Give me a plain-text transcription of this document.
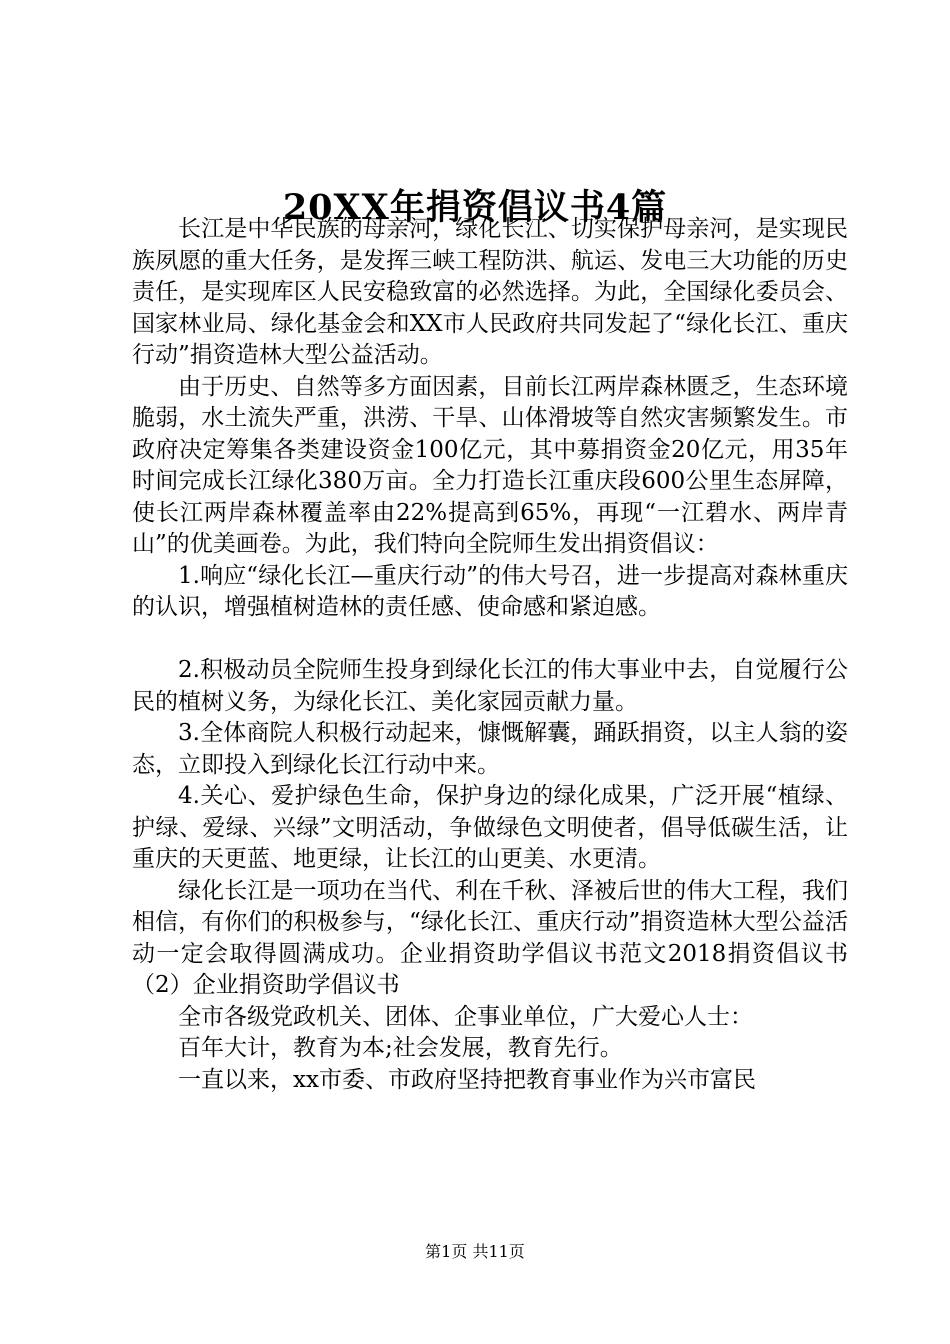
20XX年捐资倡议书4篇

长江是中华民族的母亲河，绿化长江、切实保护母亲河，是实现民族夙愿的重大任务，是发挥三峡工程防洪、航运、发电三大功能的历史责任，是实现库区人民安稳致富的必然选择。为此，全国绿化委员会、国家林业局、绿化基金会和XX市人民政府共同发起了“绿化长江、重庆行动”捐资造林大型公益活动。

由于历史、自然等多方面因素，目前长江两岸森林匮乏，生态环境脆弱，水土流失严重，洪涝、干旱、山体滑坡等自然灾害频繁发生。市政府决定筹集各类建设资金100亿元，其中募捐资金20亿元，用35年时间完成长江绿化380万亩。全力打造长江重庆段600公里生态屏障，使长江两岸森林覆盖率由22%提高到65%，再现“一江碧水、两岸青山”的优美画卷。为此，我们特向全院师生发出捐资倡议：

1.响应“绿化长江—重庆行动”的伟大号召，进一步提高对森林重庆的认识，增强植树造林的责任感、使命感和紧迫感。

2.积极动员全院师生投身到绿化长江的伟大事业中去，自觉履行公民的植树义务，为绿化长江、美化家园贡献力量。

3.全体商院人积极行动起来，慷慨解囊，踊跃捐资，以主人翁的姿态，立即投入到绿化长江行动中来。

4.关心、爱护绿色生命，保护身边的绿化成果，广泛开展“植绿、护绿、爱绿、兴绿”文明活动，争做绿色文明使者，倡导低碳生活，让重庆的天更蓝、地更绿，让长江的山更美、水更清。

绿化长江是一项功在当代、利在千秋、泽被后世的伟大工程，我们相信，有你们的积极参与，“绿化长江、重庆行动”捐资造林大型公益活动一定会取得圆满成功。企业捐资助学倡议书范文2018捐资倡议书（2）企业捐资助学倡议书

全市各级党政机关、团体、企事业单位，广大爱心人士：

百年大计，教育为本;社会发展，教育先行。

一直以来，xx市委、市政府坚持把教育事业作为兴市富民

第1页 共11页
